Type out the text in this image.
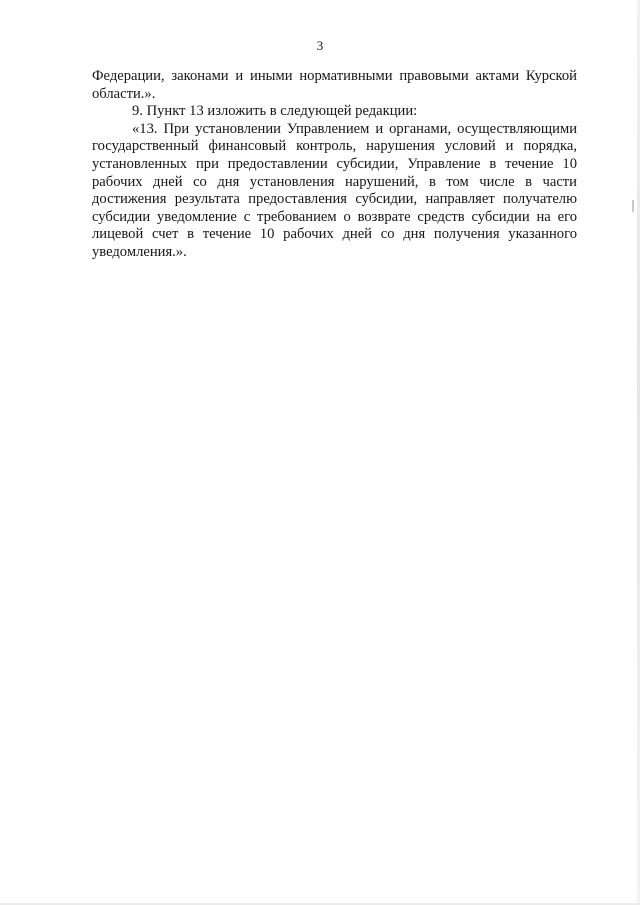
3

Федерации, законами и иными нормативными правовыми актами Курской
области.».

9. Пункт 13 изложить в следующей редакции:

«13. При установлении Управлением и органами, осуществляющими
государственный финансовый контроль, нарушения условий и порядка,
установленных при предоставлении субсидии, Управление в течение 10
рабочих дней со дня установления нарушений, в том числе в части
достижения результата предоставления субсидии, направляет получателю
субсидии уведомление с требованием о возврате средств субсидии на его
лицевой счет в течение 10 рабочих дней со дня получения указанного
уведомления.».
